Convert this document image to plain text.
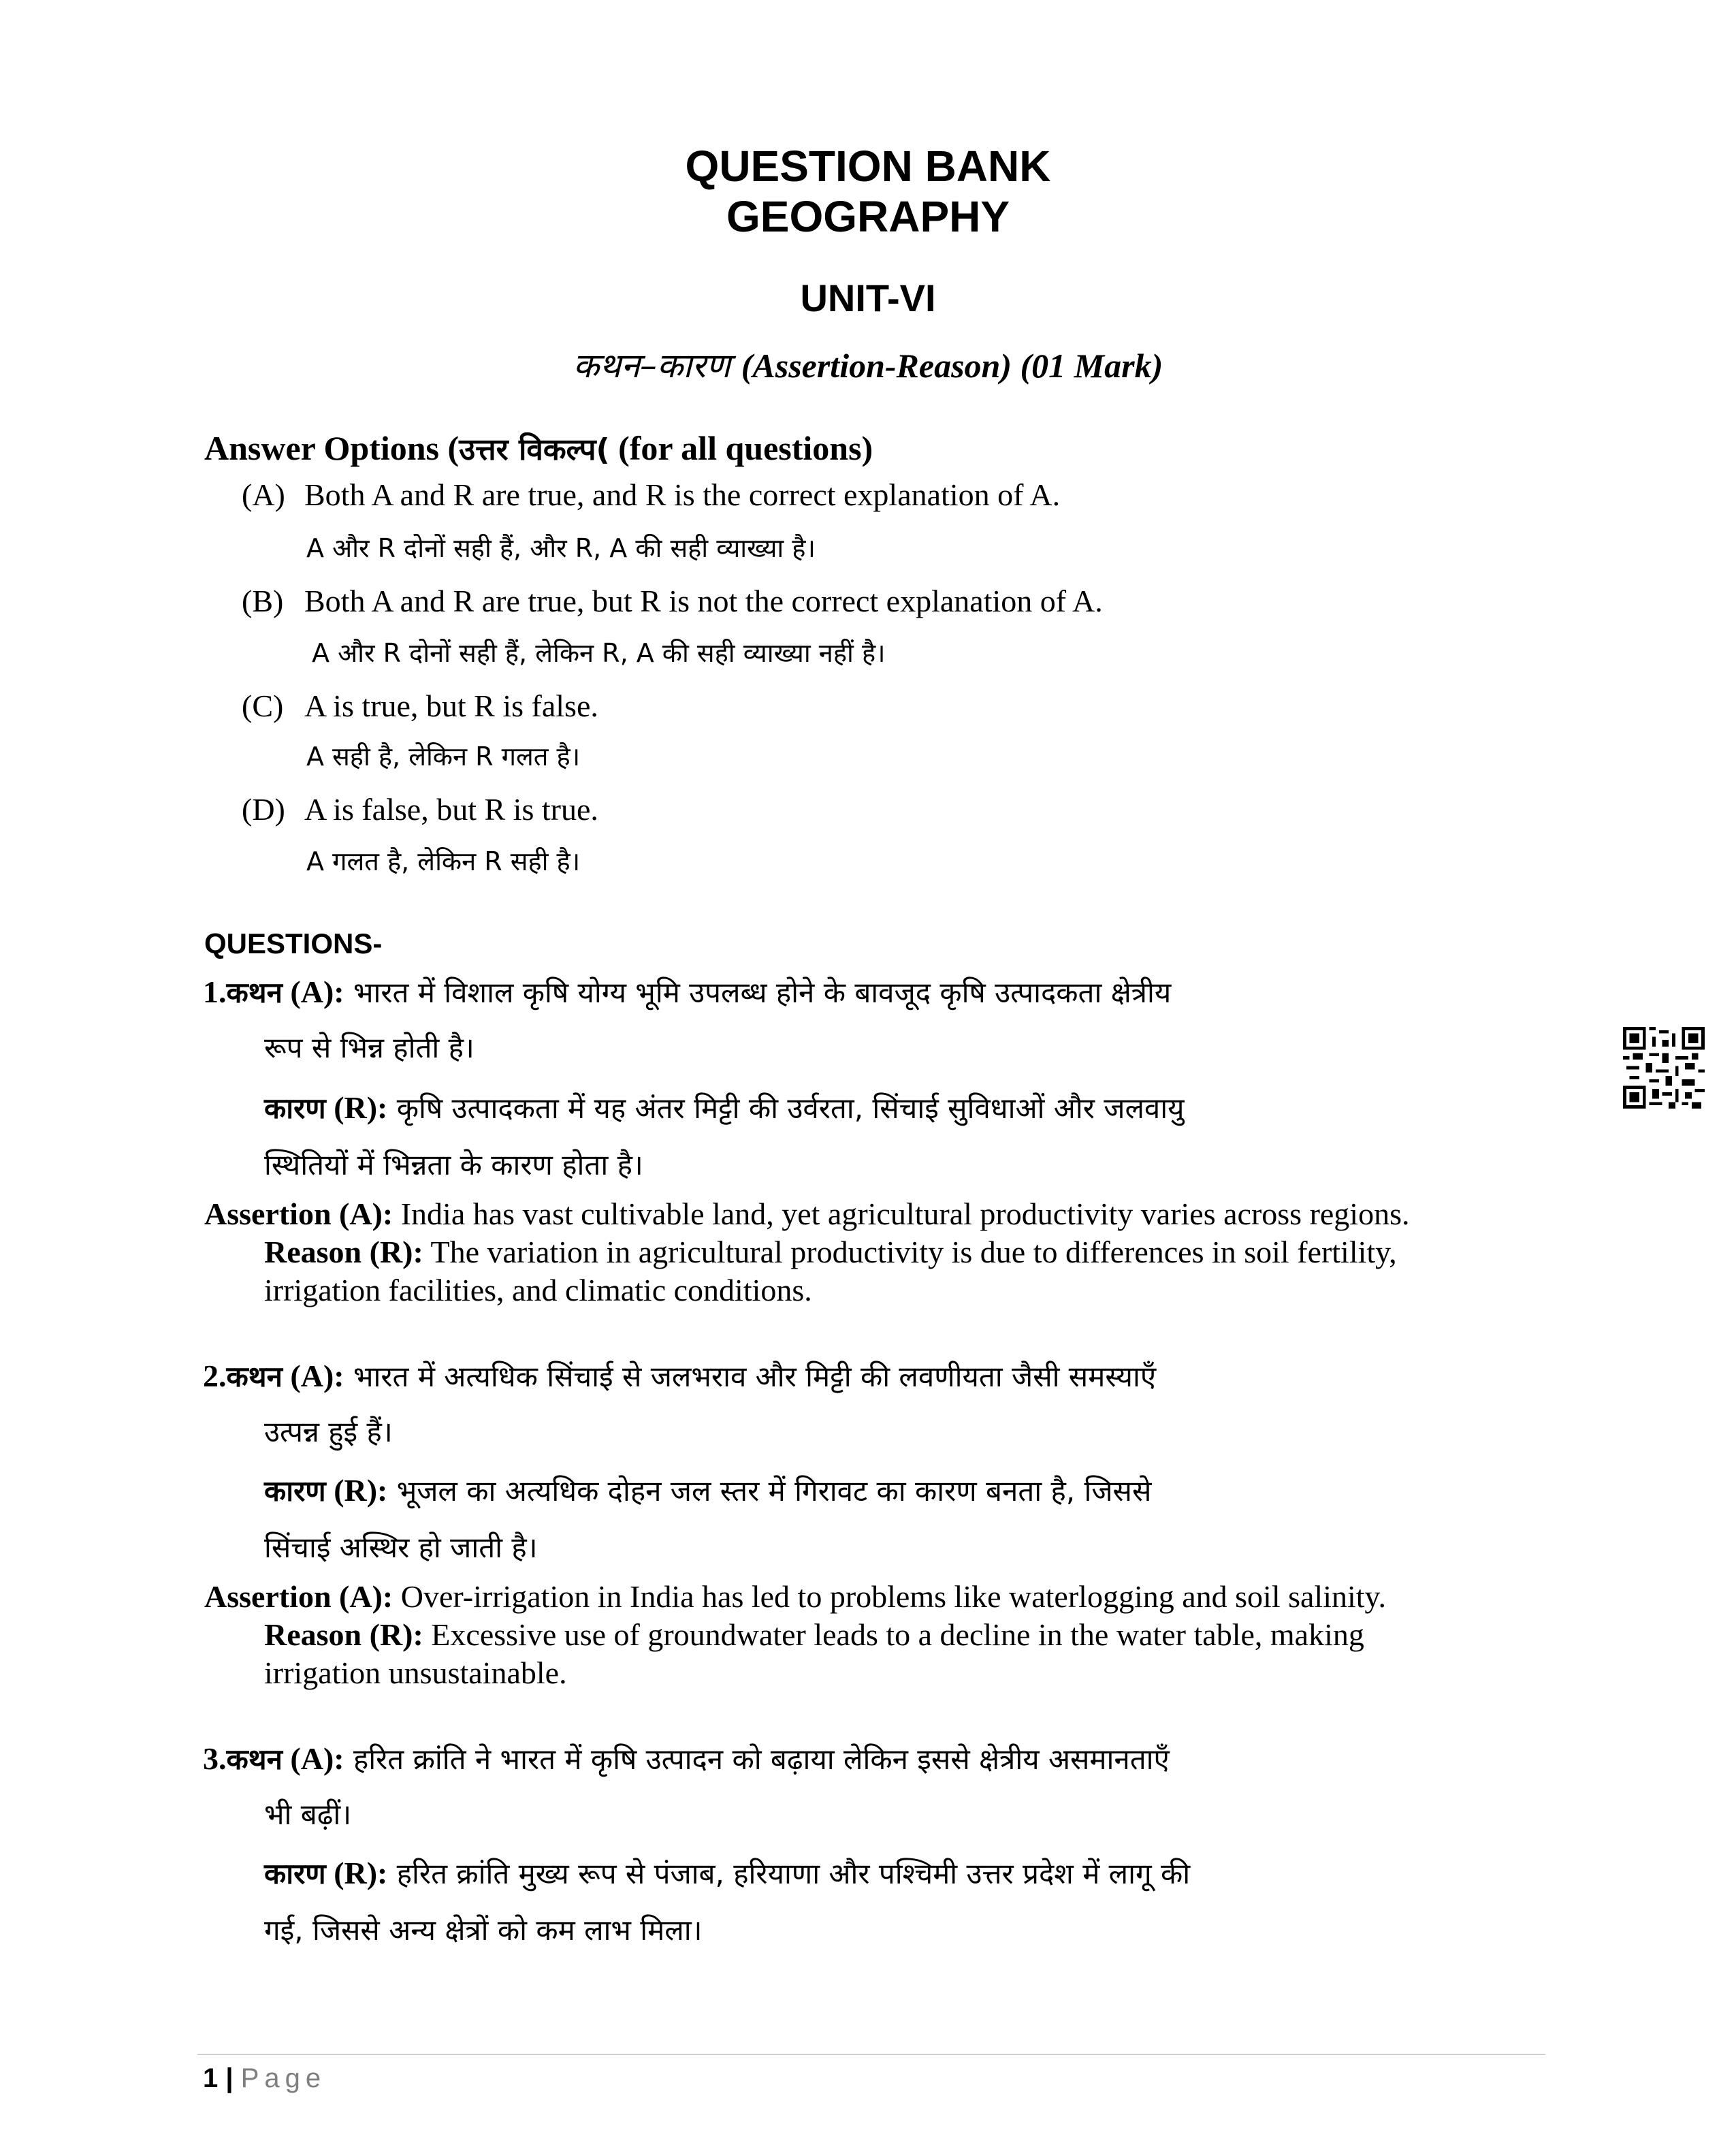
QUESTION BANK
GEOGRAPHY
UNIT-VI
कथन–कारण (Assertion-Reason) (01 Mark)
Answer Options (उत्तर विकल्प( (for all questions)
(A) Both A and R are true, and R is the correct explanation of A.
A और R दोनों सही हैं, और R, A की सही व्याख्या है।
(B) Both A and R are true, but R is not the correct explanation of A.
A और R दोनों सही हैं, लेकिन R, A की सही व्याख्या नहीं है।
(C) A is true, but R is false.
A सही है, लेकिन R गलत है।
(D) A is false, but R is true.
A गलत है, लेकिन R सही है।
QUESTIONS-
1.कथन (A): भारत में विशाल कृषि योग्य भूमि उपलब्ध होने के बावजूद कृषि उत्पादकता क्षेत्रीय
रूप से भिन्न होती है।
कारण (R): कृषि उत्पादकता में यह अंतर मिट्टी की उर्वरता, सिंचाई सुविधाओं और जलवायु
स्थितियों में भिन्नता के कारण होता है।
Assertion (A): India has vast cultivable land, yet agricultural productivity varies across regions.
Reason (R): The variation in agricultural productivity is due to differences in soil fertility,
irrigation facilities, and climatic conditions.
2.कथन (A): भारत में अत्यधिक सिंचाई से जलभराव और मिट्टी की लवणीयता जैसी समस्याएँ
उत्पन्न हुई हैं।
कारण (R): भूजल का अत्यधिक दोहन जल स्तर में गिरावट का कारण बनता है, जिससे
सिंचाई अस्थिर हो जाती है।
Assertion (A): Over-irrigation in India has led to problems like waterlogging and soil salinity.
Reason (R): Excessive use of groundwater leads to a decline in the water table, making
irrigation unsustainable.
3.कथन (A): हरित क्रांति ने भारत में कृषि उत्पादन को बढ़ाया लेकिन इससे क्षेत्रीय असमानताएँ
भी बढ़ीं।
कारण (R): हरित क्रांति मुख्य रूप से पंजाब, हरियाणा और पश्चिमी उत्तर प्रदेश में लागू की
गई, जिससे अन्य क्षेत्रों को कम लाभ मिला।
1 | Page
